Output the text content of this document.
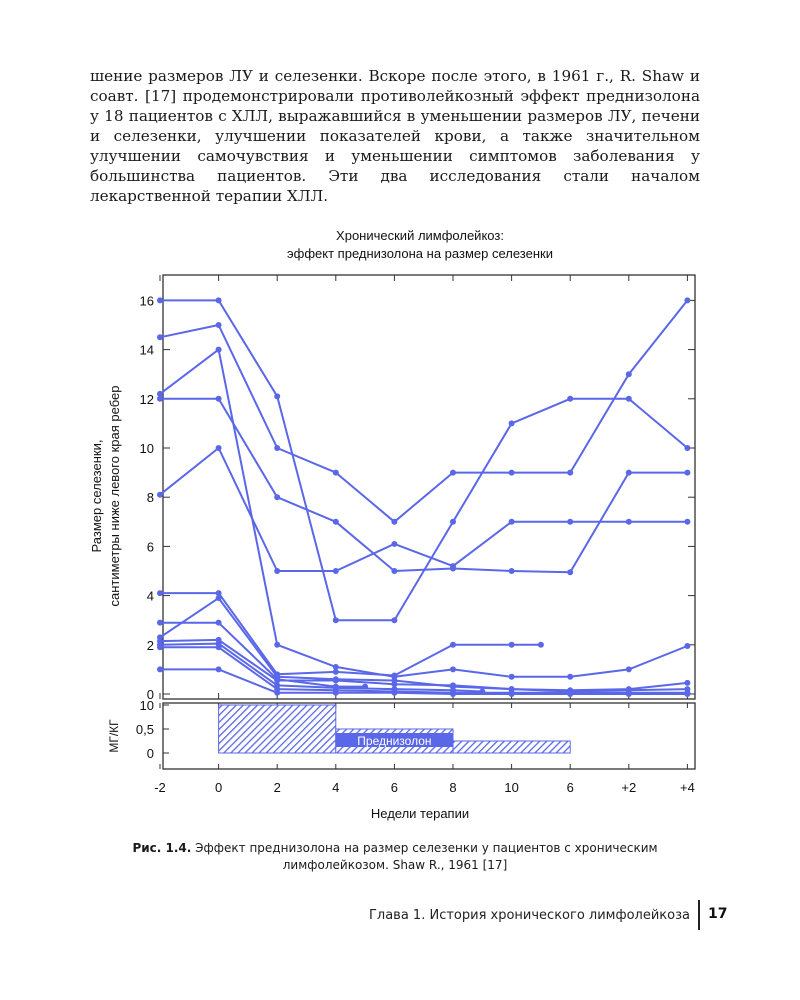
шение размеров ЛУ и селезенки. Вскоре после этого, в 1961 г., R. Shaw и соавт. [17] продемонстрировали противолейкозный эффект преднизолона у 18 пациентов с ХЛЛ, выражавшийся в уменьшении размеров ЛУ, печени и селезенки, улучшении показателей крови, а также значительном улучшении самочувствия и уменьшении симптомов заболевания у большинства пациентов. Эти два исследования стали началом лекарственной терапии ХЛЛ.

Хронический лимфолейкоз:
эффект преднизолона на размер селезенки
0
2
4
6
8
10
12
14
16
-2	0	2	4	6	8	10	6	+2	+4
10
0,5
0
Преднизолон
Размер селезенки, сантиметры ниже левого края ребер
МГ/КГ
Недели терапии

Рис. 1.4. Эффект преднизолона на размер селезенки у пациентов с хроническим лимфолейкозом. Shaw R., 1961 [17]

Глава 1. История хронического лимфолейкоза 17
